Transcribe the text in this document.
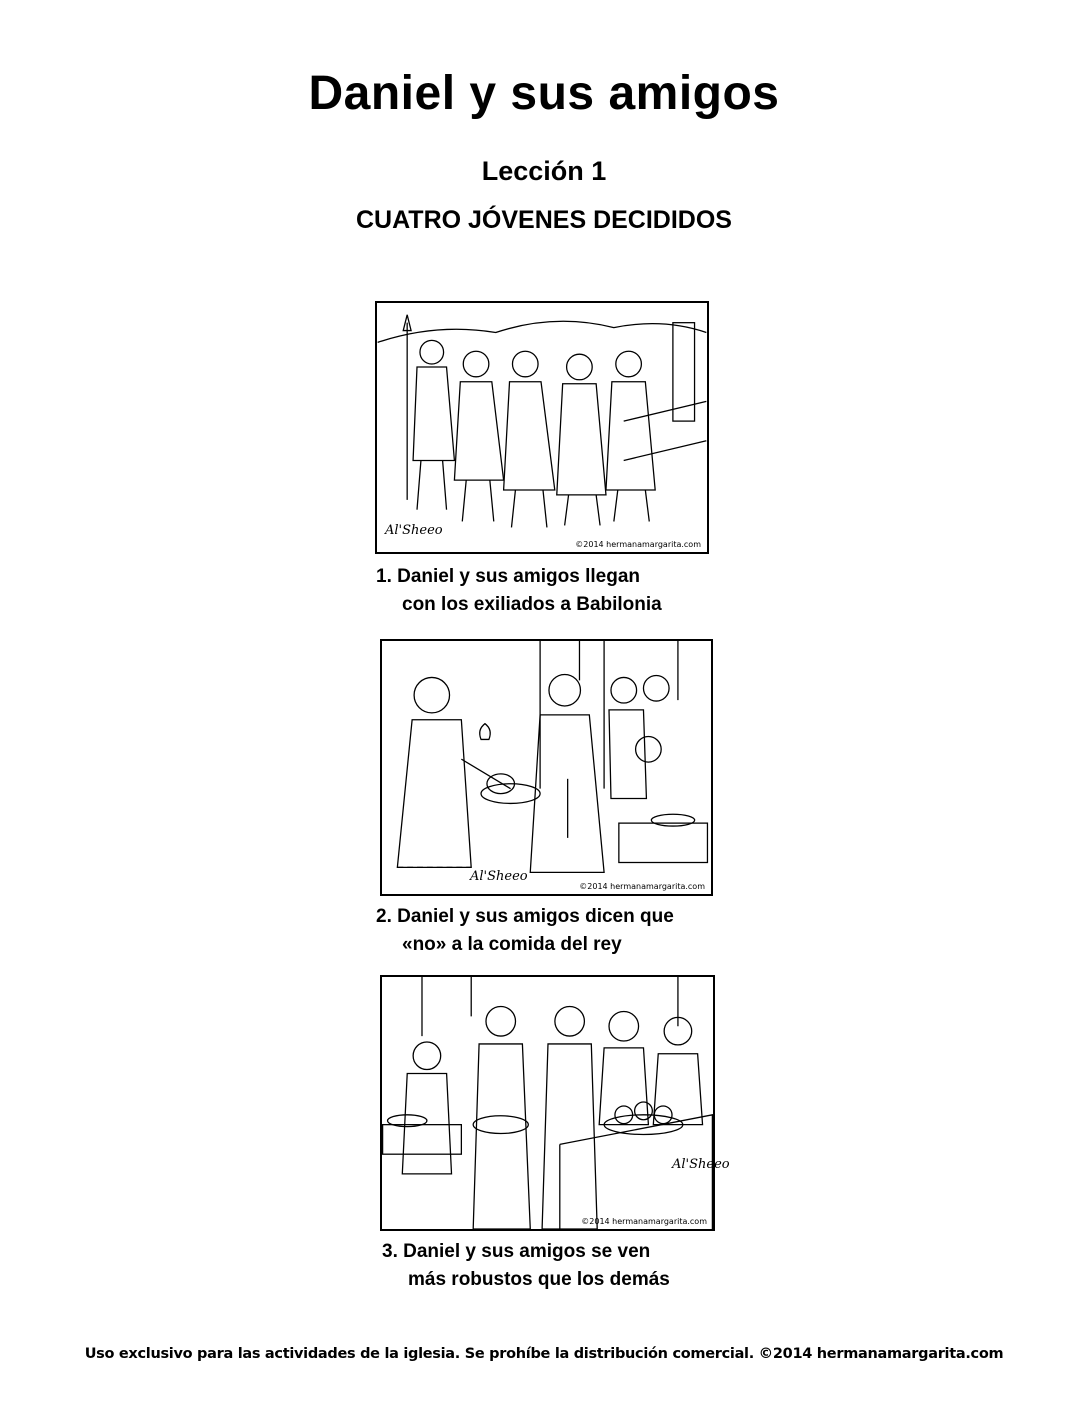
Daniel y sus amigos
Lección 1
CUATRO JÓVENES DECIDIDOS
Al'Sheeo
©2014 hermanamargarita.com
1. Daniel y sus amigos llegan
con los exiliados a Babilonia
Al'Sheeo
©2014 hermanamargarita.com
2. Daniel y sus amigos dicen que
«no» a la comida del rey
Al'Sheeo
©2014 hermanamargarita.com
3. Daniel y sus amigos se ven
más robustos que los demás
Uso exclusivo para las actividades de la iglesia. Se prohíbe la distribución comercial. ©2014 hermanamargarita.com
